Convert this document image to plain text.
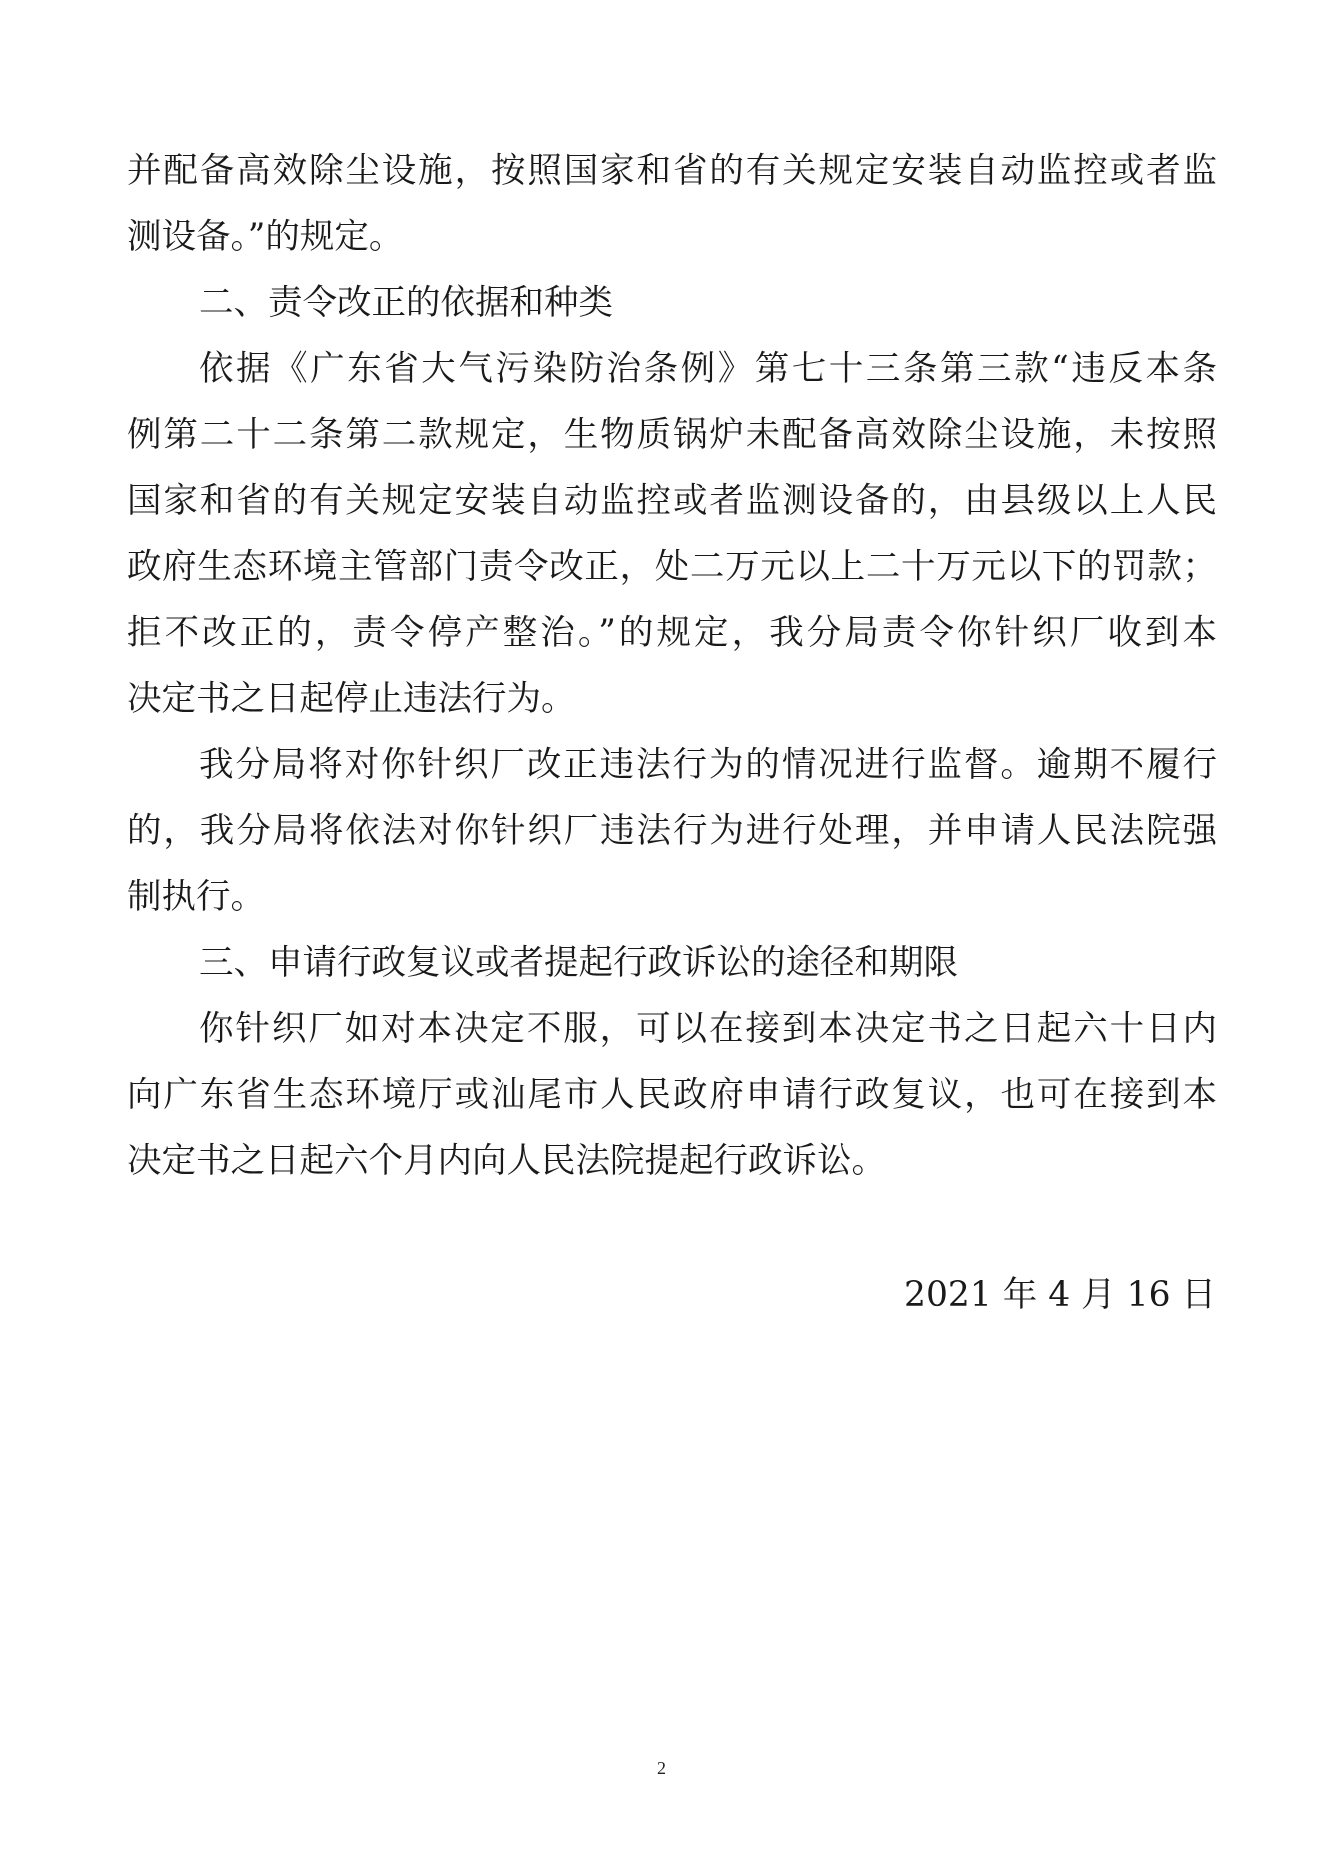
并配备高效除尘设施，按照国家和省的有关规定安装自动监控或者监
测设备。”的规定。
二、责令改正的依据和种类
依据《广东省大气污染防治条例》第七十三条第三款“违反本条
例第二十二条第二款规定，生物质锅炉未配备高效除尘设施，未按照
国家和省的有关规定安装自动监控或者监测设备的，由县级以上人民
政府生态环境主管部门责令改正，处二万元以上二十万元以下的罚款；
拒不改正的，责令停产整治。”的规定，我分局责令你针织厂收到本
决定书之日起停止违法行为。
我分局将对你针织厂改正违法行为的情况进行监督。逾期不履行
的，我分局将依法对你针织厂违法行为进行处理，并申请人民法院强
制执行。
三、申请行政复议或者提起行政诉讼的途径和期限
你针织厂如对本决定不服，可以在接到本决定书之日起六十日内
向广东省生态环境厅或汕尾市人民政府申请行政复议，也可在接到本
决定书之日起六个月内向人民法院提起行政诉讼。
2021 年 4 月 16 日
2
